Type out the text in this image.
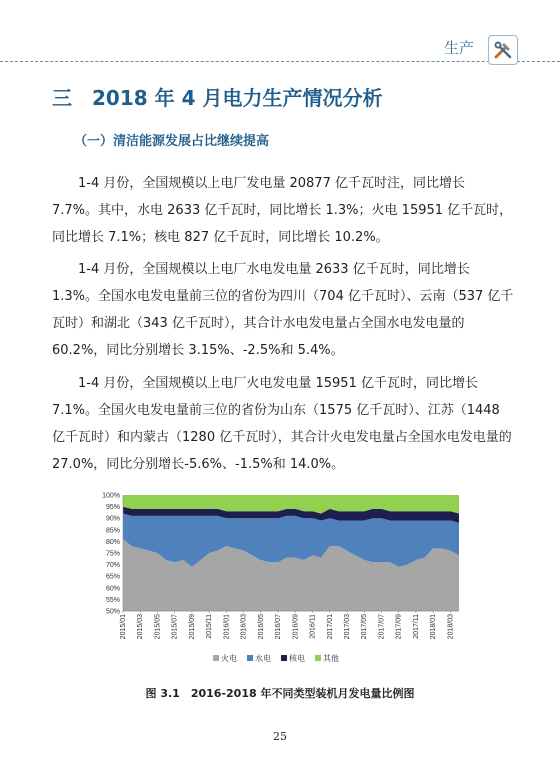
生产
三　2018 年 4 月电力生产情况分析
（一）清洁能源发展占比继续提高

1-4 月份，全国规模以上电厂发电量 20877 亿千瓦时注，同比增长 7.7%。其中，水电 2633 亿千瓦时，同比增长 1.3%；火电 15951 亿千瓦时，同比增长 7.1%；核电 827 亿千瓦时，同比增长 10.2%。

1-4 月份，全国规模以上电厂水电发电量 2633 亿千瓦时，同比增长 1.3%。全国水电发电量前三位的省份为四川（704 亿千瓦时）、云南（537 亿千瓦时）和湖北（343 亿千瓦时），其合计水电发电量占全国水电发电量的 60.2%，同比分别增长 3.15%、-2.5%和 5.4%。

1-4 月份，全国规模以上电厂火电发电量 15951 亿千瓦时，同比增长 7.1%。全国火电发电量前三位的省份为山东（1575 亿千瓦时）、江苏（1448 亿千瓦时）和内蒙古（1280 亿千瓦时），其合计火电发电量占全国水电发电量的 27.0%，同比分别增长-5.6%、-1.5%和 14.0%。

50%
55%
60%
65%
70%
75%
80%
85%
90%
95%
100%
2015/01 2015/03 2015/05 2015/07 2015/09 2015/11 2016/01 2016/03 2016/05 2016/07 2016/09 2016/11 2017/01 2017/03 2017/05 2017/07 2017/09 2017/11 2018/01 2018/03
火电 水电 核电 其他
图 3.1　2016-2018 年不同类型装机月发电量比例图
25
